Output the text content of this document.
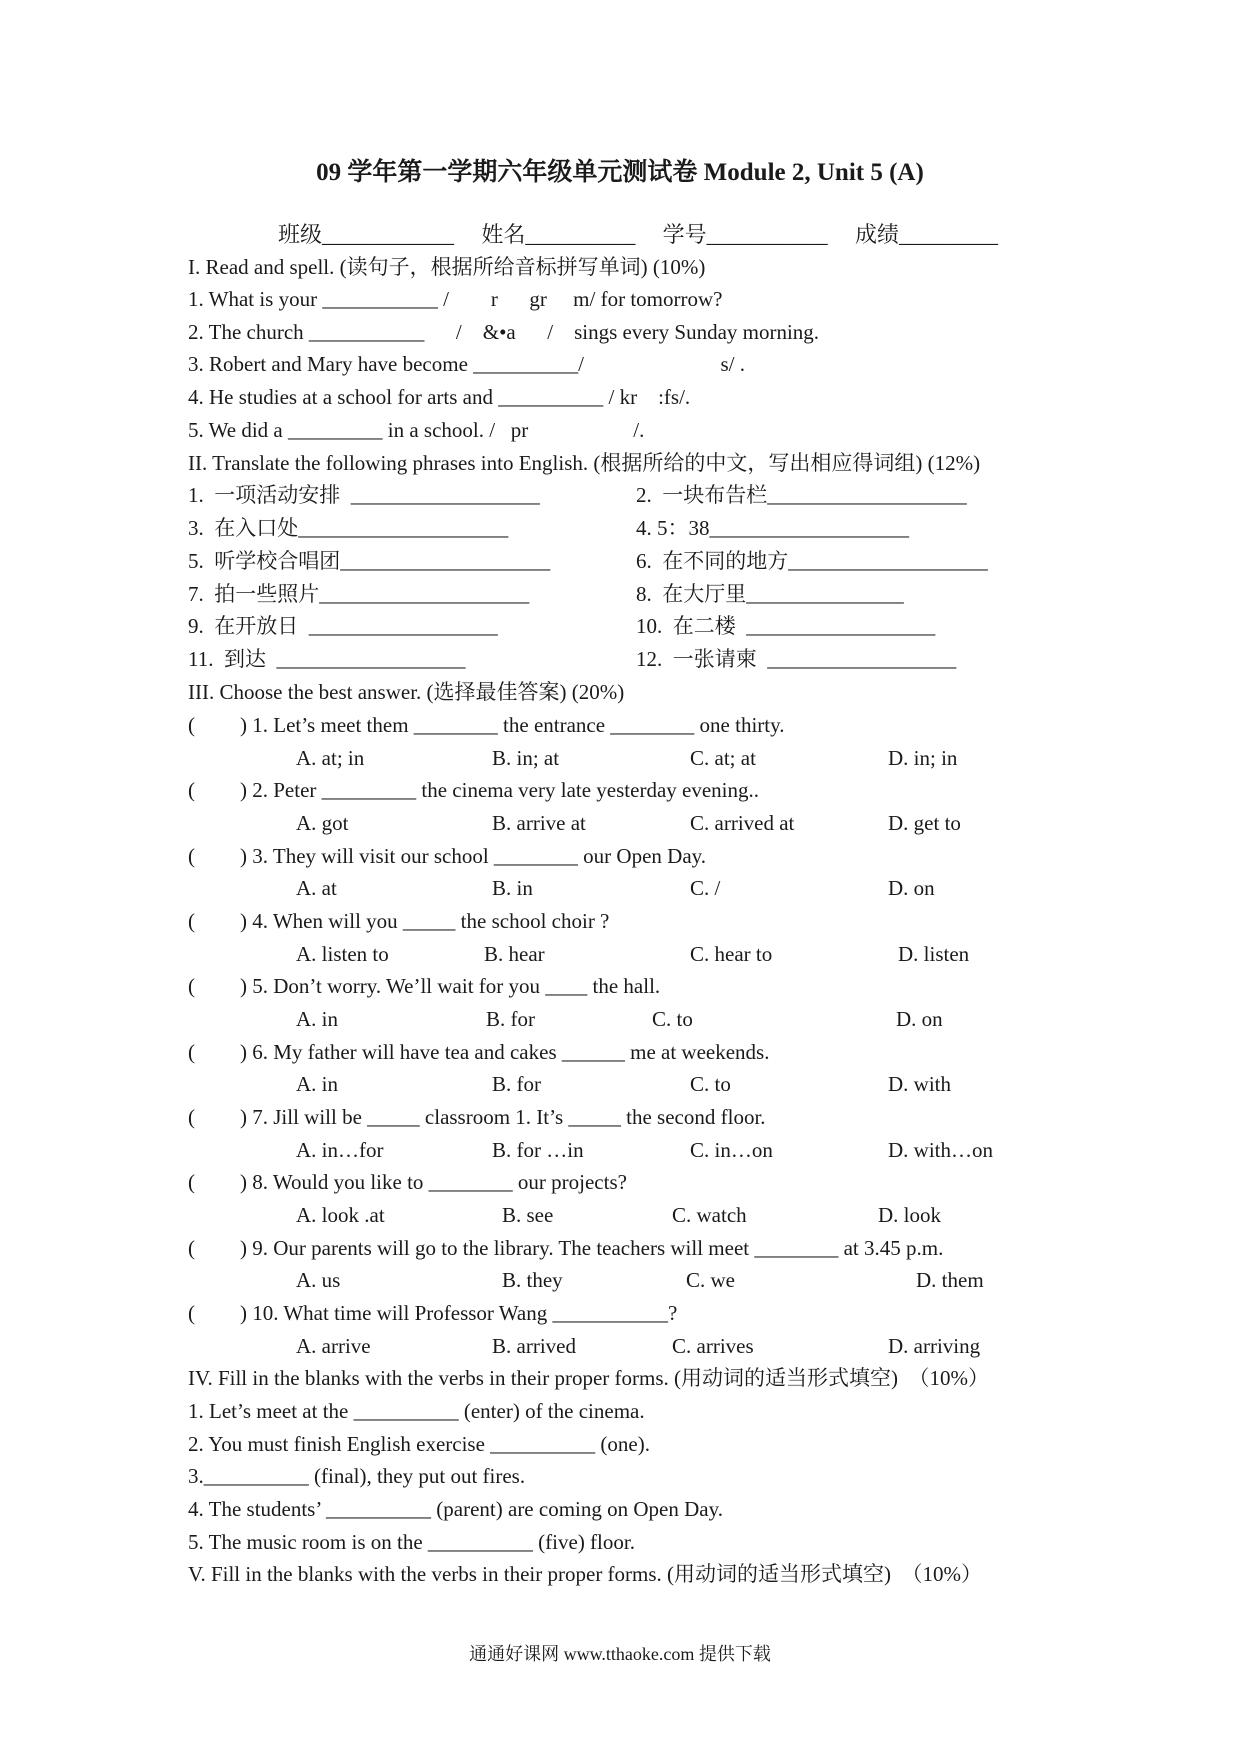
09 学年第一学期六年级单元测试卷 Module 2, Unit 5 (A)
班级____________ 姓名__________ 学号___________ 成绩_________
I. Read and spell. (读句子，根据所给音标拼写单词) (10%)
1. What is your ___________ /        r      gr     m/ for tomorrow?
2. The church ___________      /    &•a      /    sings every Sunday morning.
3. Robert and Mary have become __________/                          s/ .
4. He studies at a school for arts and __________ / kr    :fs/.
5. We did a _________ in a school. /   pr                    /.
II. Translate the following phrases into English. (根据所给的中文，写出相应得词组) (12%)
1.  一项活动安排  __________________	2.  一块布告栏___________________
3.  在入口处____________________	4. 5：38___________________
5.  听学校合唱团____________________	6.  在不同的地方___________________
7.  拍一些照片____________________	8.  在大厅里_______________
9.  在开放日  __________________	10.  在二楼  __________________
11.  到达  __________________	12.  一张请柬  __________________
III. Choose the best answer. (选择最佳答案) (20%)
( ) 1. Let’s meet them ________ the entrance ________ one thirty.
A. at; in	B. in; at	C. at; at	D. in; in
( ) 2. Peter _________ the cinema very late yesterday evening..
A. got	B. arrive at	C. arrived at	D. get to
( ) 3. They will visit our school ________ our Open Day.
A. at	B. in	C. /	D. on
( ) 4. When will you _____ the school choir ?
A. listen to	B. hear	C. hear to	D. listen
( ) 5. Don’t worry. We’ll wait for you ____ the hall.
A. in	B. for	C. to	D. on
( ) 6. My father will have tea and cakes ______ me at weekends.
A. in	B. for	C. to	D. with
( ) 7. Jill will be _____ classroom 1. It’s _____ the second floor.
A. in…for	B. for …in	C. in…on	D. with…on
( ) 8. Would you like to ________ our projects?
A. look .at	B. see	C. watch	D. look
( ) 9. Our parents will go to the library. The teachers will meet ________ at 3.45 p.m.
A. us	B. they	C. we	D. them
( ) 10. What time will Professor Wang ___________?
A. arrive	B. arrived	C. arrives	D. arriving
IV. Fill in the blanks with the verbs in their proper forms. (用动词的适当形式填空)  （10%）
1. Let’s meet at the __________ (enter) of the cinema.
2. You must finish English exercise __________ (one).
3.__________ (final), they put out fires.
4. The students’ __________ (parent) are coming on Open Day.
5. The music room is on the __________ (five) floor.
V. Fill in the blanks with the verbs in their proper forms. (用动词的适当形式填空)  （10%）
通通好课网 www.tthaoke.com 提供下载
